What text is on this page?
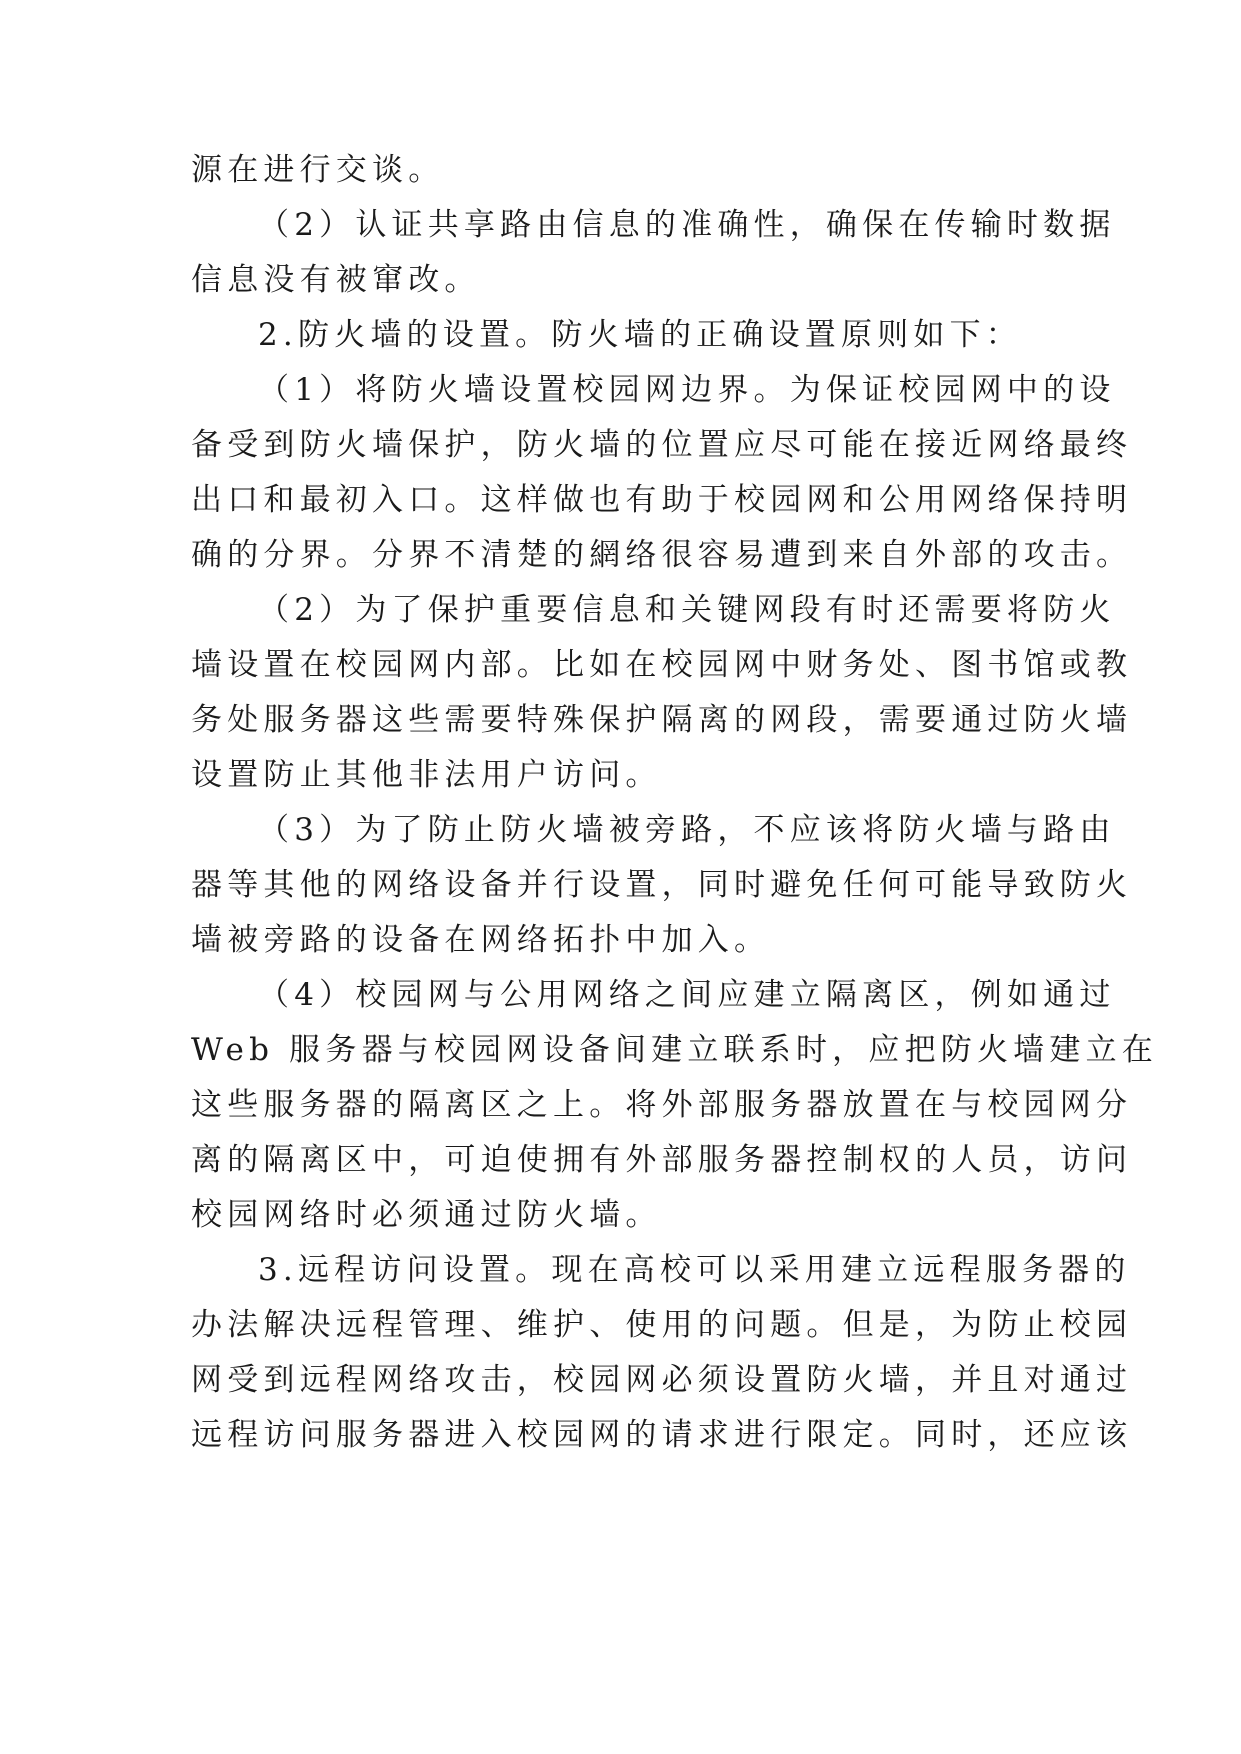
源在进行交谈。

（2）认证共享路由信息的准确性，确保在传输时数据

信息没有被窜改。

2.防火墙的设置。防火墙的正确设置原则如下：

（1）将防火墙设置校园网边界。为保证校园网中的设

备受到防火墙保护，防火墙的位置应尽可能在接近网络最终

出口和最初入口。这样做也有助于校园网和公用网络保持明

确的分界。分界不清楚的網络很容易遭到来自外部的攻击。

（2）为了保护重要信息和关键网段有时还需要将防火

墙设置在校园网内部。比如在校园网中财务处、图书馆或教

务处服务器这些需要特殊保护隔离的网段，需要通过防火墙

设置防止其他非法用户访问。

（3）为了防止防火墙被旁路，不应该将防火墙与路由

器等其他的网络设备并行设置，同时避免任何可能导致防火

墙被旁路的设备在网络拓扑中加入。

（4）校园网与公用网络之间应建立隔离区，例如通过

Web 服务器与校园网设备间建立联系时，应把防火墙建立在

这些服务器的隔离区之上。将外部服务器放置在与校园网分

离的隔离区中，可迫使拥有外部服务器控制权的人员，访问

校园网络时必须通过防火墙。

3.远程访问设置。现在高校可以采用建立远程服务器的

办法解决远程管理、维护、使用的问题。但是，为防止校园

网受到远程网络攻击，校园网必须设置防火墙，并且对通过

远程访问服务器进入校园网的请求进行限定。同时，还应该
